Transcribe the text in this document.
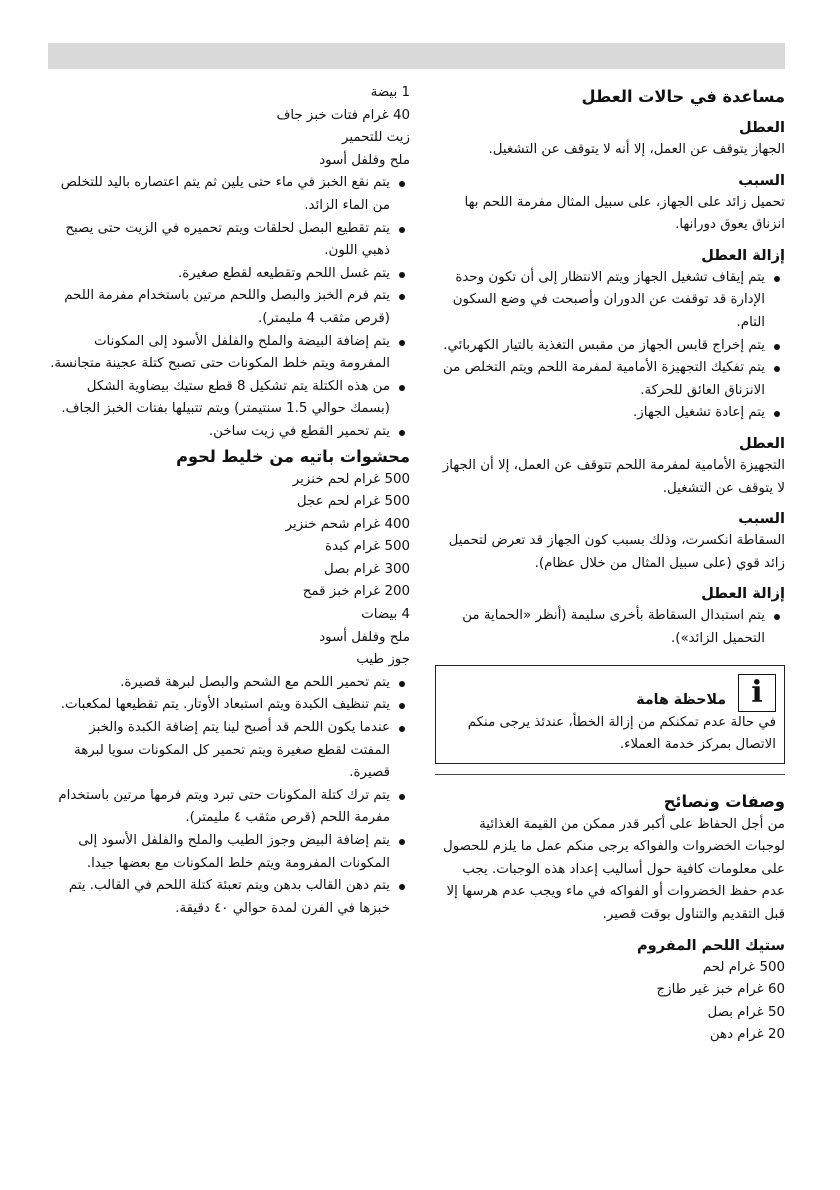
مساعدة في حالات العطل

العطل

الجهاز يتوقف عن العمل، إلا أنه لا يتوقف عن التشغيل.

السبب

تحميل زائد على الجهاز، على سبيل المثال مفرمة اللحم بها انزناق يعوق دورانها.

إزالة العطل

يتم إيقاف تشغيل الجهاز ويتم الانتظار إلى أن تكون وحدة الإدارة قد توقفت عن الدوران وأصبحت في وضع السكون التام.
يتم إخراج قابس الجهاز من مقبس التغذية بالتيار الكهربائي.
يتم تفكيك التجهيزة الأمامية لمفرمة اللحم ويتم التخلص من الانزناق العائق للحركة.
يتم إعادة تشغيل الجهاز.

العطل

التجهيزة الأمامية لمفرمة اللحم تتوقف عن العمل، إلا أن الجهاز لا يتوقف عن التشغيل.

السبب

السقاطة انكسرت، وذلك بسبب كون الجهاز قد تعرض لتحميل زائد قوي (على سبيل المثال من خلال عظام).

إزالة العطل

يتم استبدال السقاطة بأخرى سليمة (أنظر «الحماية من التحميل الزائد»).
ملاحظة هامة i

في حالة عدم تمكنكم من إزالة الخطأ، عندئذ يرجى منكم الاتصال بمركز خدمة العملاء.

وصفات ونصائح

من أجل الحفاظ على أكبر قدر ممكن من القيمة الغذائية لوجبات الخضروات والفواكه يرجى منكم عمل ما يلزم للحصول على معلومات كافية حول أساليب إعداد هذه الوجبات. يجب عدم حفظ الخضروات أو الفواكه في ماء ويجب عدم هرسها إلا قبل التقديم والتناول بوقت قصير.

ستيك اللحم المفروم

500 غرام لحم

60 غرام خبز غير طازج

50 غرام بصل

20 غرام دهن

1 بيضة

40 غرام فتات خبز جاف

زيت للتحمير

ملح وفلفل أسود

يتم نقع الخبز في ماء حتى يلين ثم يتم اعتصاره باليد للتخلص من الماء الزائد.
يتم تقطيع البصل لحلقات ويتم تحميره في الزيت حتى يصبح ذهبي اللون.
يتم غسل اللحم وتقطيعه لقطع صغيرة.
يتم فرم الخبز والبصل واللحم مرتين باستخدام مفرمة اللحم (قرص مثقب 4 مليمتر).
يتم إضافة البيضة والملح والفلفل الأسود إلى المكونات المفرومة ويتم خلط المكونات حتى تصبح كتلة عجينة متجانسة.
من هذه الكتلة يتم تشكيل 8 قطع ستيك بيضاوية الشكل (بسمك حوالي 1.5 سنتيمتر) ويتم تتبيلها بفتات الخبز الجاف.
يتم تحمير القطع في زيت ساخن.

محشوات باتيه من خليط لحوم

500 غرام لحم خنزير

500 غرام لحم عجل

400 غرام شحم خنزير

500 غرام كبدة

300 غرام بصل

200 غرام خبز قمح

4 بيضات

ملح وفلفل أسود

جوز طيب

يتم تحمير اللحم مع الشحم والبصل لبرهة قصيرة.
يتم تنظيف الكبدة ويتم استبعاد الأوتار. يتم تقطيعها لمكعبات.
عندما يكون اللحم قد أصبح لينا يتم إضافة الكبدة والخبز المفتت لقطع صغيرة ويتم تحمير كل المكونات سويا لبرهة قصيرة.
يتم ترك كتلة المكونات حتى تبرد ويتم فرمها مرتين باستخدام مفرمة اللحم (قرص مثقب ٤ مليمتر).
يتم إضافة البيض وجوز الطيب والملح والفلفل الأسود إلى المكونات المفرومة ويتم خلط المكونات مع بعضها جيدا.
يتم دهن القالب بدهن ويتم تعبئة كتلة اللحم في القالب. يتم خبزها في الفرن لمدة حوالي ٤٠ دقيقة.
